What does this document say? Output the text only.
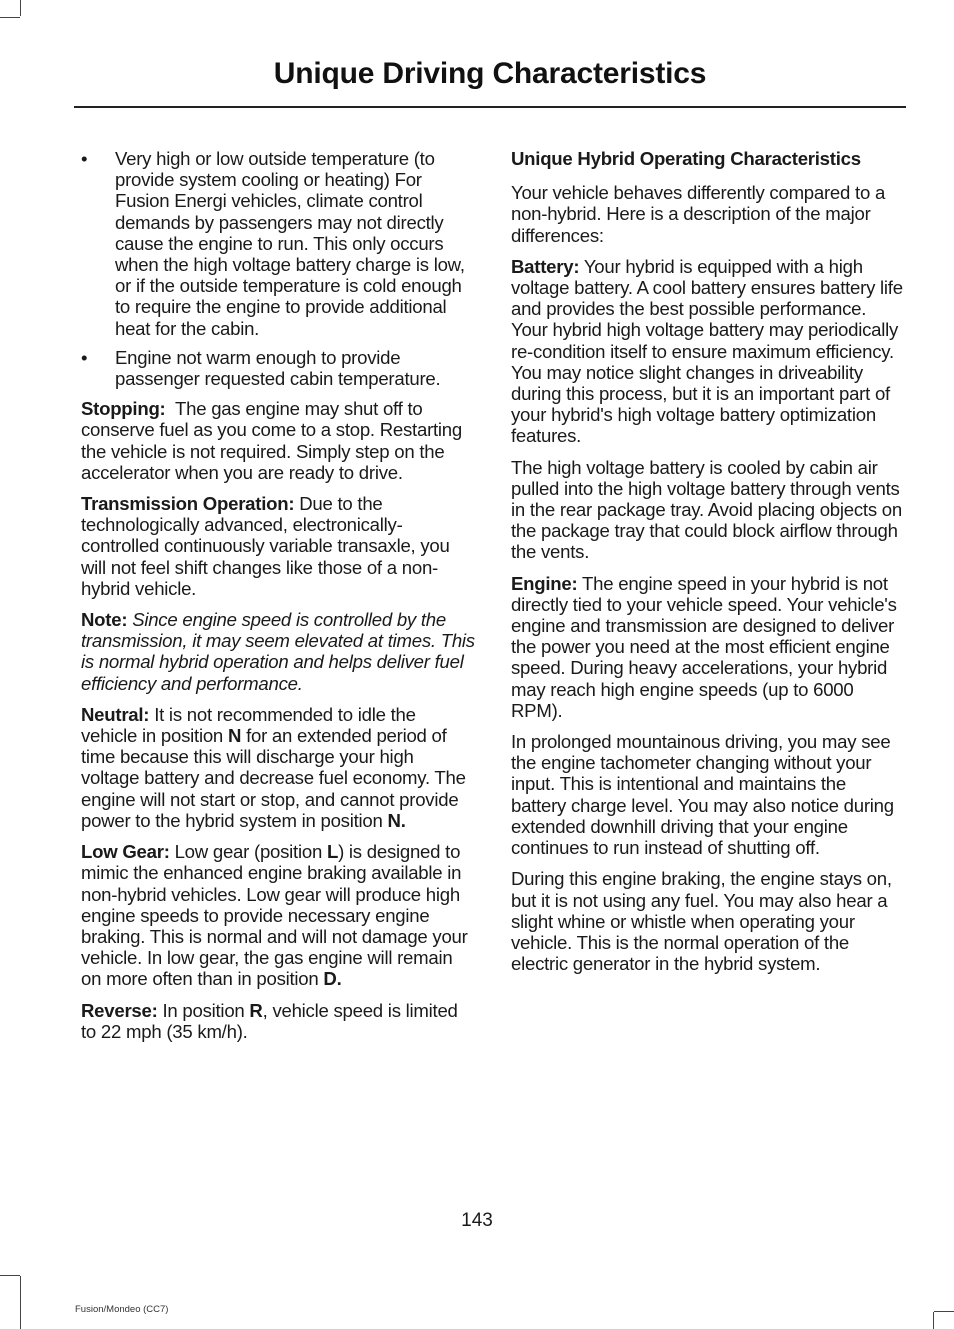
Unique Driving Characteristics
• Very high or low outside temperature (to provide system cooling or heating) For Fusion Energi vehicles, climate control demands by passengers may not directly cause the engine to run. This only occurs when the high voltage battery charge is low, or if the outside temperature is cold enough to require the engine to provide additional heat for the cabin.
• Engine not warm enough to provide passenger requested cabin temperature.

Stopping: The gas engine may shut off to conserve fuel as you come to a stop. Restarting the vehicle is not required. Simply step on the accelerator when you are ready to drive.

Transmission Operation: Due to the technologically advanced, electronically-controlled continuously variable transaxle, you will not feel shift changes like those of a non-hybrid vehicle.

Note: Since engine speed is controlled by the transmission, it may seem elevated at times. This is normal hybrid operation and helps deliver fuel efficiency and performance.

Neutral: It is not recommended to idle the vehicle in position N for an extended period of time because this will discharge your high voltage battery and decrease fuel economy. The engine will not start or stop, and cannot provide power to the hybrid system in position N.

Low Gear: Low gear (position L) is designed to mimic the enhanced engine braking available in non-hybrid vehicles. Low gear will produce high engine speeds to provide necessary engine braking. This is normal and will not damage your vehicle. In low gear, the gas engine will remain on more often than in position D.

Reverse: In position R, vehicle speed is limited to 22 mph (35 km/h).

Unique Hybrid Operating Characteristics

Your vehicle behaves differently compared to a non-hybrid. Here is a description of the major differences:

Battery: Your hybrid is equipped with a high voltage battery. A cool battery ensures battery life and provides the best possible performance. Your hybrid high voltage battery may periodically re-condition itself to ensure maximum efficiency. You may notice slight changes in driveability during this process, but it is an important part of your hybrid's high voltage battery optimization features.

The high voltage battery is cooled by cabin air pulled into the high voltage battery through vents in the rear package tray. Avoid placing objects on the package tray that could block airflow through the vents.

Engine: The engine speed in your hybrid is not directly tied to your vehicle speed. Your vehicle's engine and transmission are designed to deliver the power you need at the most efficient engine speed. During heavy accelerations, your hybrid may reach high engine speeds (up to 6000 RPM).

In prolonged mountainous driving, you may see the engine tachometer changing without your input. This is intentional and maintains the battery charge level. You may also notice during extended downhill driving that your engine continues to run instead of shutting off.

During this engine braking, the engine stays on, but it is not using any fuel. You may also hear a slight whine or whistle when operating your vehicle. This is the normal operation of the electric generator in the hybrid system.

143
Fusion/Mondeo (CC7)
